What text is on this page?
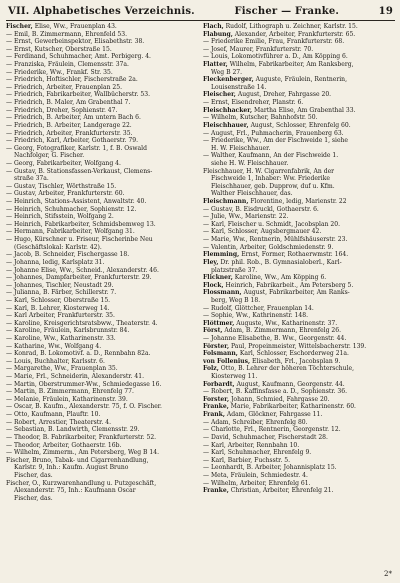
VII. Alphabetisches Verzeichnis.	Fischer — Franke.	19
Fischer, Elise, Ww., Frauenplan 43.
— Emil, B. Zimmermann, Ehrenfeld 53.
— Ernst, Gewerbeinspektor, Elisabethstr. 38.
— Ernst, Kutscher, Oberstraße 15.
— Ferdinand, Schuhmacher, Amt. Perbigerg. 4.
— Franziska, Fräulein, Clemensstr. 37a.
— Friederike, Ww., Frankf. Str. 35.
— Friedrich, Hoftischler, Fischerstraße 2a.
— Friedrich, Arbeiter, Frauenplan 25.
— Friedrich, Fabrikarbeiter, Wallbücherstr. 53.
— Friedrich, B. Maler, Am Grabenthal 7.
— Friedrich, Dreher, Sophienstr. 47.
— Friedrich, B. Arbeiter, Am untern Bach 6.
— Friedrich, B. Arbeiter, Landgerage 22.
— Friedrich, Arbeiter, Frankfurterstr. 35.
— Friedrich, Karl, Arbeiter, Gothaerstr. 79.
— Georg, Fotografiker, Karlstr. 1, f. B. Oswald
Nachfolger, G. Fischer.
— Georg, Fabrikarbeiter, Wolfgang 4.
— Gustav, B. Stationsfassen-Verkaust, Clemens-
straße 37a.
— Gustav, Tischler, Wörthstraße 15.
— Gustav, Arbeiter, Frankfurterstr. 60.
— Heinrich, Stations-Assistent, Anwaltstr. 40.
— Heinrich, Schuhmacher, Sophienstr. 12.
— Heinrich, Stifsstein, Wolfgang 2.
— Heinrich, Fabrikarbeiter, Schmidsbemweg 13.
— Hermann, Fabrikarbeiter, Wolfgang 31.
— Hugo, Kürschner u. Friseur, Fischerinbe Neu
(Geschäftslokal: Karlstr. 42).
— Jacob, B. Schneider, Fischergasse 18.
— Johanna, ledig, Karlsplatz 31.
— Johanne Elise, Ww., Schneid., Alexanderstr. 46.
— Johannes, Dampfarbeiter, Frankfurterstr. 29.
— Johannes, Tischler, Neustadt 29.
— Julianna, B. Färber, Schillerstr. 7.
— Karl, Schlosser, Oberstraße 15.
— Karl, B. Lehrer, Kiosterweg 14.
— Karl Arbeiter, Frankfurterstr. 35.
— Karoline, Kreisgerichtsratsbww., Theaterstr. 4.
— Karoline, Fräulein, Karlsbrunnstr. 84.
— Karoline, Ww., Katharinenstr. 33.
— Katharine, Ww., Wolfgang 4.
— Konrad, B. Lokomotivf. a. D., Rennbahn 82a.
— Louis, Buchhalter, Karlsstr. 6.
— Margarethe, Ww., Frauenplan 35.
— Marie, Frl., Schneiderin, Alexanderstr. 41.
— Martin, Oberstrummer-Ww., Schmiedegasse 16.
— Martin, B. Zimmermann, Ehrenfelg 77.
— Melanie, Fräulein, Katharinenstr. 39.
— Oscar, B. Kaufm., Alexanderstr. 75, f. O. Fischer.
— Otto, Kaufmann, Plauftr. 10.
— Robert, Arrestier, Theaterstr. 4.
— Sebastian, B. Landwirth, Clemensstr. 29.
— Theodor, B. Fabrikarbeiter, Frankfurterstr. 52.
— Theodor, Arbeiter, Gothaerstr. 16b.
— Wilhelm, Zimmerm., Am Petersberg, Weg B 14.
Fischer, Bruno, Tabak- und Cigarrenhandlung,
Karlstr. 9, Inh.: Kaufm. August Bruno
Fischer, das.
Fischer, O., Kurzwarenhandlung u. Putzgeschäft,
Alexanderstr. 75, Inh.: Kaufmann Oscar
Fischer, das.
Flach, Rudolf, Lithograph u. Zeichner, Karlstr. 15.
Flabung, Alexander, Arbeiter, Frankfurterstr. 65.
— Friederike Emilie, Frau, Frankfurterstr. 68.
— Josef, Maurer, Frankfurterstr. 70.
— Louis, Lokomotivführer a. D., Am Köpping 6.
Flatter, Wilhelm, Fabrikarbeiter, Am Ranksberg,
Weg B 27.
Fleckenberger, Auguste, Fräulein, Rentnerin,
Louisenstraße 14.
Fleischer, August, Dreher, Fahrgasse 20.
— Ernst, Eisendreher, Planstr. 6.
Fleischhacker, Martha Elise, Am Grabenthal 33.
— Wilhelm, Kutscher, Bahnhofstr. 50.
Fleischhauer, August, Schlosser, Ehrenfelg 60.
— August, Frl., Puhmacherin, Frauenberg 63.
— Friederike, Ww., Am der Fischweide 1, siehe
H. W. Fleischhauer.
— Walther, Kaufmann, An der Fischweide 1.
siehe H. W. Fleischhauer.
Fleischhauer, H. W. Cigarrenfabrik, An der
Fischweide 1, Inhaber: Ww. Friederike
Fleischhauer, geb. Dupprow, duf u. Kfm.
Walther Fleischhauer, das.
Fleischmann, Florentine, ledig, Marienstr. 22
— Gustav, B. Eisdruckl, Gothaerstr. 6.
— Julie, Ww., Marienstr. 22.
— Karl, Fleischer u. Schmidt, Jacobsplan 20.
— Karl, Schlosser, Augsbergmauer 42.
— Marie, Ww., Rentnerin, Mühlfshäuserstr. 23.
— Valentin, Arbeiter, Goldschmiedenstr. 9.
Flemming, Ernst, Former, Rothaerwmstr. 164.
Fley, Dr. phil. Rob., B. Gymnasialoberl., Karl-
platzstraße 37.
Flickner, Karoline, Ww., Am Köpping 6.
Flock, Heinrich, Fabrikarbeit., Am Petersberg 5.
Flossmann, August, Fabrikarbeiter, Am Ranks-
berg, Weg B 18.
— Rudolf, Glöttcher, Frauenplan 14.
— Sophie, Ww., Kathrinenstr. 148.
Flöttmer, Auguste, Ww., Katharinenstr. 37.
Först, Adam, B. Zimmermann, Ehrenfelg 26.
— Johanne Elisabethe, B. Ww., Georgenstr. 44.
Förster, Paul, Propeinmeister, Wittelsbacherstr. 139.
Folsmann, Karl, Schlosser, Eschorderweg 21a.
von Follenius, Elisabeth, Frl., Jacobsplan 9.
Folz, Otto, B. Lehrer der höheren Töchterschule,
Kiosterweg 11.
Forbardt, August, Kaufmann, Georgenstr. 44.
— Robert, B. Kaffinsfasse a. D., Sophienstr. 36.
Forster, Johann, Schmied, Fahrgasse 20.
Franke, Marie, Fabrikarbeiter, Katharinenstr. 60.
Frank, Adam, Glöckner, Fahrgasse 11.
— Adam, Schreiber, Ehrenfelg 80.
— Charlotte, Frl., Rentnerin, Georgenstr. 12.
— David, Schuhmacher, Fischerstadt 28.
— Karl, Arbeiter, Rennbahn 10.
— Karl, Schuhmacher, Ehrenfelg 9.
— Karl, Barbier, Fuchsstr. 5.
— Leonhardt, B. Arbeiter, Johannisplatz 15.
— Meta, Fräulein, Schmiedestr. 4.
— Wilhelm, Arbeiter, Ehrenfelg 61.
Franke, Christian, Arbeiter, Ehrenfelg 21.
2*
